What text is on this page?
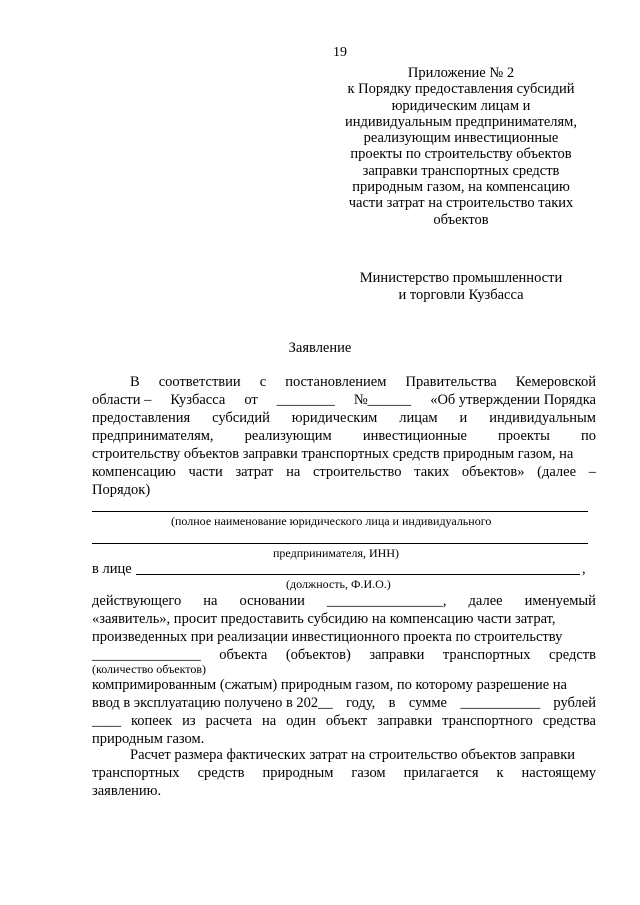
19
Приложение № 2
к Порядку предоставления субсидий
юридическим лицам и
индивидуальным предпринимателям,
реализующим инвестиционные
проекты по строительству объектов
заправки транспортных средств
природным газом, на компенсацию
части затрат на строительство таких
объектов
Министерство промышленности
и торговли Кузбасса
Заявление
В соответствии с постановлением Правительства Кемеровской
области – Кузбасса от ________ №______ «Об утверждении Порядка
предоставления субсидий юридическим лицам и индивидуальным
предпринимателям, реализующим инвестиционные проекты по
строительству объектов заправки транспортных средств природным газом, на
компенсацию части затрат на строительство таких объектов» (далее –
Порядок)
(полное наименование юридического лица и индивидуального
предпринимателя, ИНН)
в лице	,
(должность, Ф.И.О.)
действующего на основании ________________, далее именуемый
«заявитель», просит предоставить субсидию на компенсацию части затрат,
произведенных при реализации инвестиционного проекта по строительству
_______________ объекта (объектов) заправки транспортных средств
(количество объектов)
компримированным (сжатым) природным газом, по которому разрешение на
ввод в эксплуатацию получено в 202__ году, в сумме ___________ рублей
____ копеек из расчета на один объект заправки транспортного средства
природным газом.
Расчет размера фактических затрат на строительство объектов заправки
транспортных средств природным газом прилагается к настоящему
заявлению.
